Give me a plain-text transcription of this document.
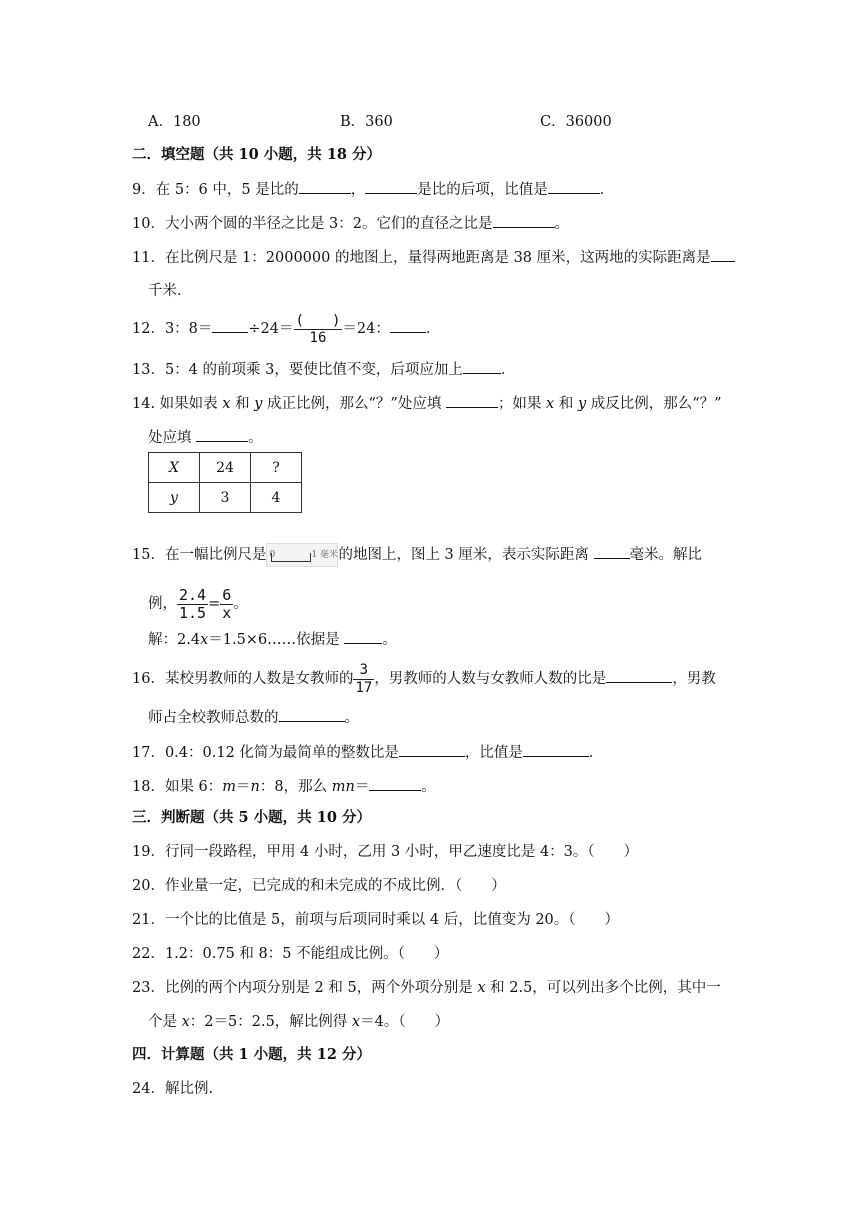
A．180	B．360	C．36000
二．填空题（共 10 小题，共 18 分）
9．在 5：6 中，5 是比的	，	是比的后项，比值是	．
10．大小两个圆的半径之比是 3：2。它们的直径之比是	。
11．在比例尺是 1：2000000 的地图上，量得两地距离是 38 厘米，这两地的实际距离是
千米．
12．3：$8= \div 24= \frac{( )}{16} =24$： ．
13．5：4 的前项乘 3，要使比值不变，后项应加上	．
14. 如果如表 x 和 y 成正比例，那么“？”处应填	；如果 x 和 y 成反比例，那么“？”
处应填	。
X	24	?
y	3	4
15．在一幅比例尺是 0	1 毫米 的地图上，图上 3 厘米，表示实际距离	毫米。解比
例， $\frac{2.4}{1.5} = \frac{6}{x}$ 。
解：2.4x＝1.5×6……依据是	。
16．某校男教师的人数是女教师的 $\frac{3}{17}$ ，男教师的人数与女教师人数的比是	，男教
师占全校教师总数的	。
17．0.4：0.12 化简为最简单的整数比是	，比值是	．
18．如果 6：m＝n：8，那么 mn＝	。
三．判断题（共 5 小题，共 10 分）
19．行同一段路程，甲用 4 小时，乙用 3 小时，甲乙速度比是 4：3。（　　）
20．作业量一定，已完成的和未完成的不成比例．（　　）
21．一个比的比值是 5，前项与后项同时乘以 4 后，比值变为 20。（　　）
22．1.2：0.75 和 8：5 不能组成比例。（　　）
23．比例的两个内项分别是 2 和 5，两个外项分别是 x 和 2.5，可以列出多个比例，其中一
个是 x：2＝5：2.5，解比例得 x＝4。（　　）
四．计算题（共 1 小题，共 12 分）
24．解比例.
